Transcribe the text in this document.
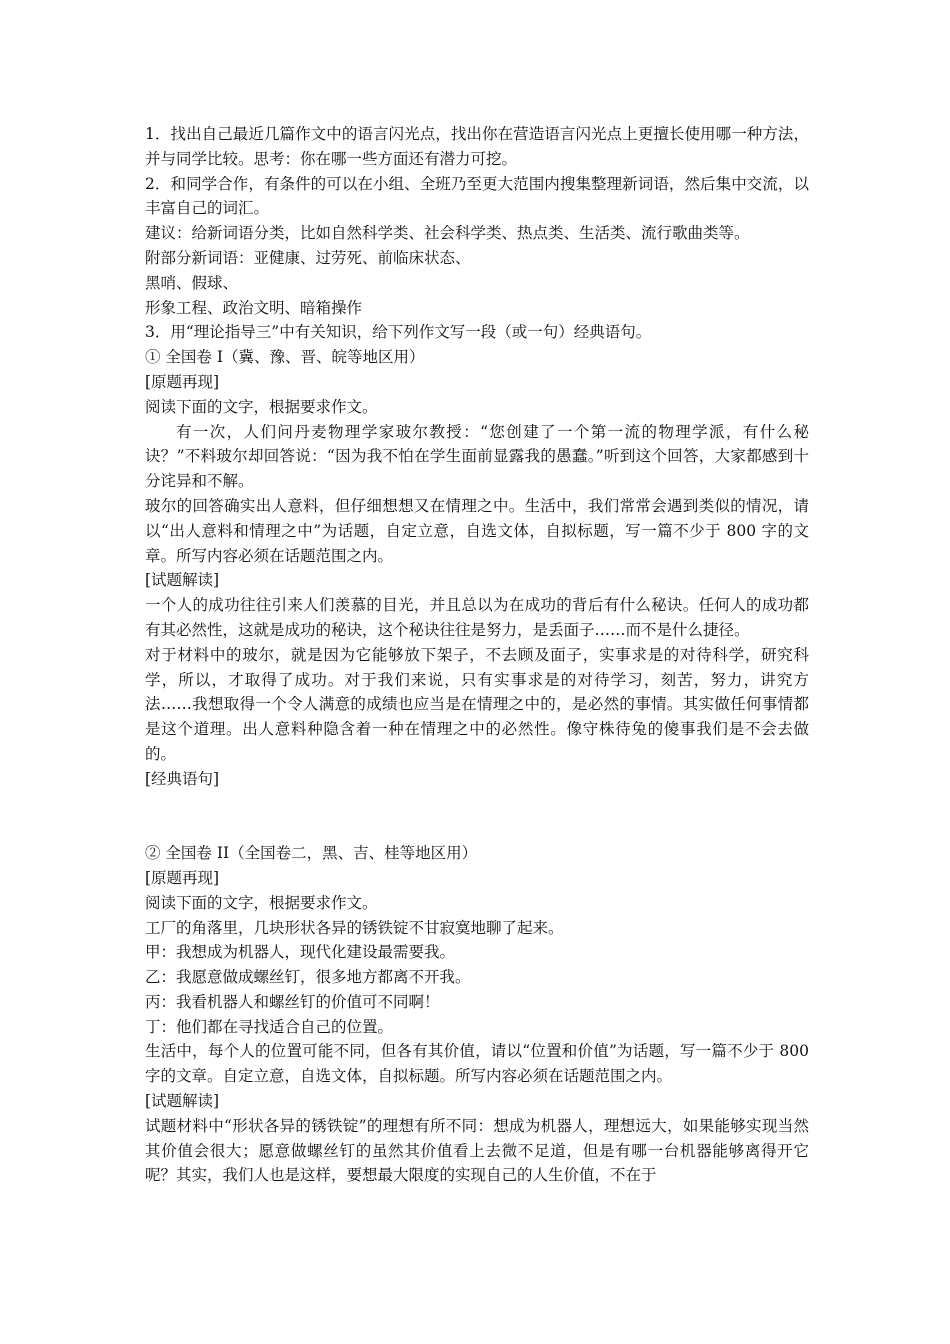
1．找出自己最近几篇作文中的语言闪光点，找出你在营造语言闪光点上更擅长使用哪一种方法，并与同学比较。思考：你在哪一些方面还有潜力可挖。

2．和同学合作，有条件的可以在小组、全班乃至更大范围内搜集整理新词语，然后集中交流，以丰富自己的词汇。

建议：给新词语分类，比如自然科学类、社会科学类、热点类、生活类、流行歌曲类等。

附部分新词语：亚健康、过劳死、前临床状态、

黑哨、假球、

形象工程、政治文明、暗箱操作

3．用“理论指导三”中有关知识，给下列作文写一段（或一句）经典语句。

① 全国卷 I（冀、豫、晋、皖等地区用）

[原题再现]

阅读下面的文字，根据要求作文。

有一次，人们问丹麦物理学家玻尔教授：“您创建了一个第一流的物理学派，有什么秘诀？”不料玻尔却回答说：“因为我不怕在学生面前显露我的愚蠢。”听到这个回答，大家都感到十分诧异和不解。

玻尔的回答确实出人意料，但仔细想想又在情理之中。生活中，我们常常会遇到类似的情况，请以“出人意料和情理之中”为话题，自定立意，自选文体，自拟标题，写一篇不少于 800 字的文章。所写内容必须在话题范围之内。

[试题解读]

一个人的成功往往引来人们羡慕的目光，并且总以为在成功的背后有什么秘诀。任何人的成功都有其必然性，这就是成功的秘诀，这个秘诀往往是努力，是丢面子……而不是什么捷径。

对于材料中的玻尔，就是因为它能够放下架子，不去顾及面子，实事求是的对待科学，研究科学，所以，才取得了成功。对于我们来说，只有实事求是的对待学习，刻苦，努力，讲究方法……我想取得一个令人满意的成绩也应当是在情理之中的，是必然的事情。其实做任何事情都是这个道理。出人意料种隐含着一种在情理之中的必然性。像守株待兔的傻事我们是不会去做的。

[经典语句]

② 全国卷 II（全国卷二，黑、吉、桂等地区用）

[原题再现]

阅读下面的文字，根据要求作文。

工厂的角落里，几块形状各异的锈铁锭不甘寂寞地聊了起来。

甲：我想成为机器人，现代化建设最需要我。

乙：我愿意做成螺丝钉，很多地方都离不开我。

丙：我看机器人和螺丝钉的价值可不同啊！

丁：他们都在寻找适合自己的位置。

生活中，每个人的位置可能不同，但各有其价值，请以“位置和价值”为话题，写一篇不少于 800 字的文章。自定立意，自选文体，自拟标题。所写内容必须在话题范围之内。

[试题解读]

试题材料中“形状各异的锈铁锭”的理想有所不同：想成为机器人，理想远大，如果能够实现当然其价值会很大；愿意做螺丝钉的虽然其价值看上去微不足道，但是有哪一台机器能够离得开它呢？其实，我们人也是这样，要想最大限度的实现自己的人生价值，不在于
